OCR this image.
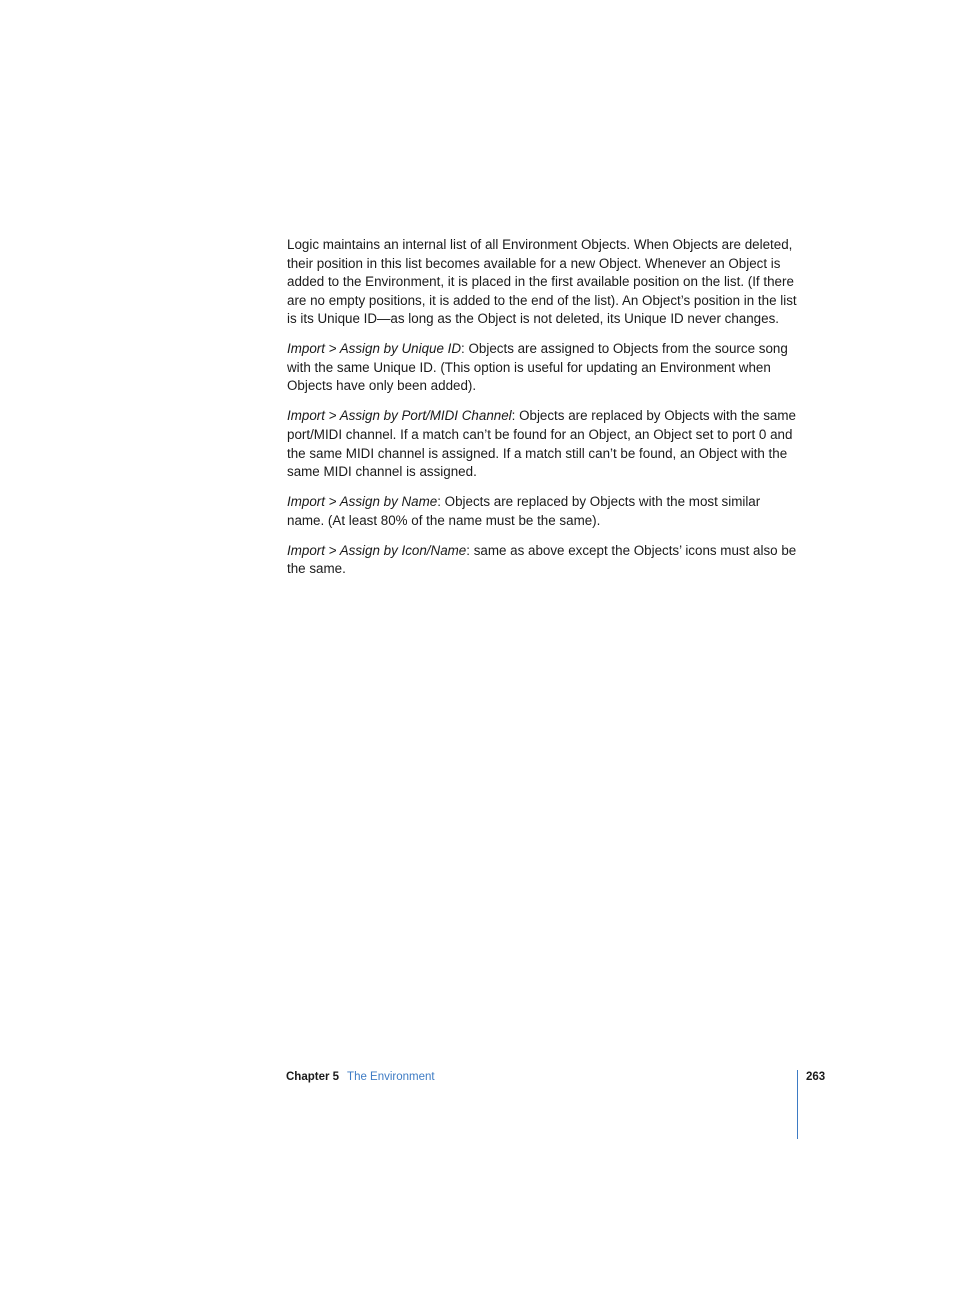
Logic maintains an internal list of all Environment Objects. When Objects are deleted, their position in this list becomes available for a new Object. Whenever an Object is added to the Environment, it is placed in the first available position on the list. (If there are no empty positions, it is added to the end of the list). An Object’s position in the list is its Unique ID—as long as the Object is not deleted, its Unique ID never changes.

Import > Assign by Unique ID: Objects are assigned to Objects from the source song with the same Unique ID. (This option is useful for updating an Environment when Objects have only been added).

Import > Assign by Port/MIDI Channel: Objects are replaced by Objects with the same port/MIDI channel. If a match can’t be found for an Object, an Object set to port 0 and the same MIDI channel is assigned. If a match still can’t be found, an Object with the same MIDI channel is assigned.

Import > Assign by Name: Objects are replaced by Objects with the most similar name. (At least 80% of the name must be the same).

Import > Assign by Icon/Name: same as above except the Objects’ icons must also be the same.

Chapter 5 The Environment	263
